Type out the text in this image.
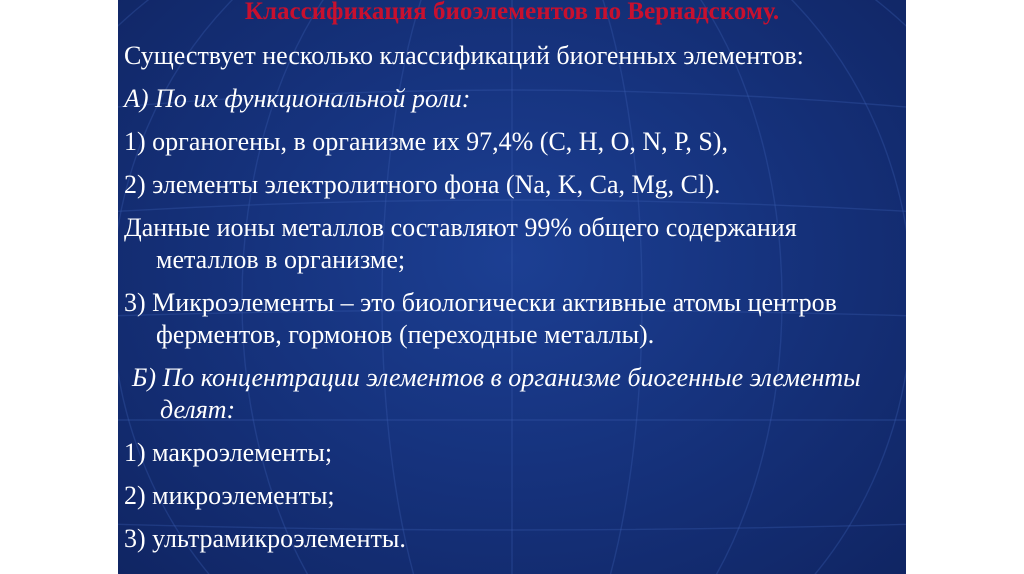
Классификация биоэлементов по Вернадскому.
Существует несколько классификаций биогенных элементов:
А) По их функциональной роли:
1) органогены, в организме их 97,4% (С, Н, О, N, Р, S),
2) элементы электролитного фона (Na, K, Ca, Mg, Cl).
Данные ионы металлов составляют 99% общего содержания металлов в организме;
3) Микроэлементы – это биологически активные атомы центров ферментов, гормонов (переходные металлы).
Б) По концентрации элементов в организме биогенные элементы делят:
1) макроэлементы;
2) микроэлементы;
3) ультрамикроэлементы.
